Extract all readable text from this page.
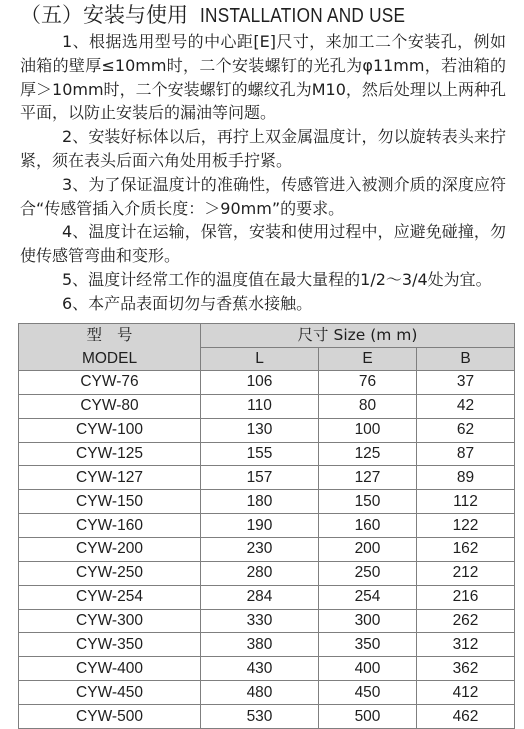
（五）安装与使用 INSTALLATION AND USE
1、根据选用型号的中心距[E]尺寸，来加工二个安装孔，例如
油箱的壁厚≤10mm时，二个安装螺钉的光孔为φ11mm，若油箱的
厚＞10mm时，二个安装螺钉的螺纹孔为M10，然后处理以上两种孔
平面，以防止安装后的漏油等问题。
2、安装好标体以后，再拧上双金属温度计，勿以旋转表头来拧
紧，须在表头后面六角处用板手拧紧。
3、为了保证温度计的准确性，传感管进入被测介质的深度应符
合“传感管插入介质长度：＞90mm”的要求。
4、温度计在运输，保管，安装和使用过程中，应避免碰撞，勿
使传感管弯曲和变形。
5、温度计经常工作的温度值在最大量程的1/2～3/4处为宜。
6、本产品表面切勿与香蕉水接触。
型 号
MODEL	尺寸 Size (m m)		
	L	E	B
CYW-76	106	76	37
CYW-80	110	80	42
CYW-100	130	100	62
CYW-125	155	125	87
CYW-127	157	127	89
CYW-150	180	150	112
CYW-160	190	160	122
CYW-200	230	200	162
CYW-250	280	250	212
CYW-254	284	254	216
CYW-300	330	300	262
CYW-350	380	350	312
CYW-400	430	400	362
CYW-450	480	450	412
CYW-500	530	500	462
